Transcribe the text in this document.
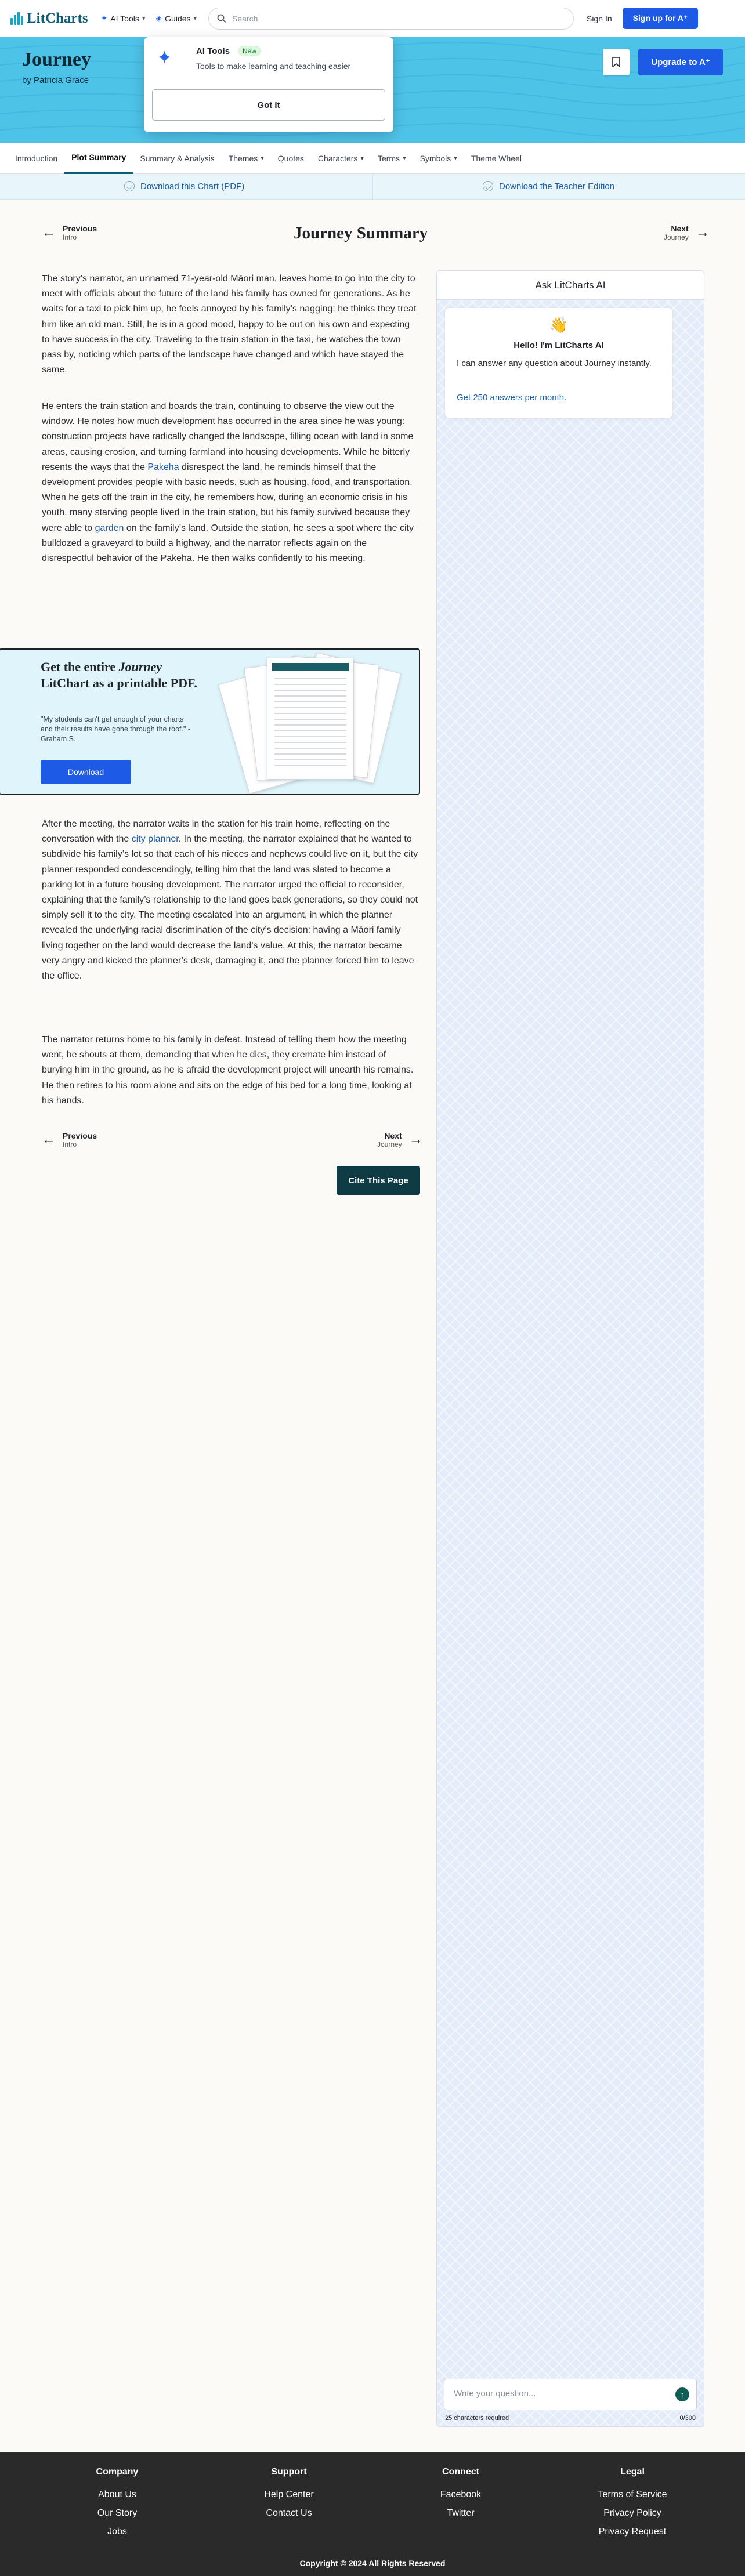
LitCharts ✦ AI Tools ▾ ◈ Guides ▾	Search	Sign In	Sign up for A⁺
Journey
by Patricia Grace
Upgrade to A⁺
✦	AI Tools	New
Tools to make learning and teaching easier
Got It
Introduction Plot Summary Summary & Analysis Themes ▾ Quotes Characters ▾ Terms ▾ Symbols ▾ Theme Wheel
Download this Chart (PDF)	Download the Teacher Edition
← Previous
Intro	Journey Summary	Next
Journey →

The story’s narrator, an unnamed 71-year-old Māori man, leaves home to go into the city to meet with officials about the future of the land his family has owned for generations. As he waits for a taxi to pick him up, he feels annoyed by his family’s nagging: he thinks they treat him like an old man. Still, he is in a good mood, happy to be out on his own and expecting to have success in the city. Traveling to the train station in the taxi, he watches the town pass by, noticing which parts of the landscape have changed and which have stayed the same.

He enters the train station and boards the train, continuing to observe the view out the window. He notes how much development has occurred in the area since he was young: construction projects have radically changed the landscape, filling ocean with land in some areas, causing erosion, and turning farmland into housing developments. While he bitterly resents the ways that the Pakeha disrespect the land, he reminds himself that the development provides people with basic needs, such as housing, food, and transportation. When he gets off the train in the city, he remembers how, during an economic crisis in his youth, many starving people lived in the train station, but his family survived because they were able to garden on the family’s land. Outside the station, he sees a spot where the city bulldozed a graveyard to build a highway, and the narrator reflects again on the disrespectful behavior of the Pakeha. He then walks confidently to his meeting.

Get the entire Journey LitChart as a printable PDF.
"My students can't get enough of your charts and their results have gone through the roof." -Graham S.
Download

After the meeting, the narrator waits in the station for his train home, reflecting on the conversation with the city planner. In the meeting, the narrator explained that he wanted to subdivide his family’s lot so that each of his nieces and nephews could live on it, but the city planner responded condescendingly, telling him that the land was slated to become a parking lot in a future housing development. The narrator urged the official to reconsider, explaining that the family’s relationship to the land goes back generations, so they could not simply sell it to the city. The meeting escalated into an argument, in which the planner revealed the underlying racial discrimination of the city’s decision: having a Māori family living together on the land would decrease the land’s value. At this, the narrator became very angry and kicked the planner’s desk, damaging it, and the planner forced him to leave the office.

The narrator returns home to his family in defeat. Instead of telling them how the meeting went, he shouts at them, demanding that when he dies, they cremate him instead of burying him in the ground, as he is afraid the development project will unearth his remains. He then retires to his room alone and sits on the edge of his bed for a long time, looking at his hands.

← Previous
Intro
Next
Journey →
Cite This Page
Ask LitCharts AI
👋
Hello! I'm LitCharts AI
I can answer any question about Journey instantly.
Get 250 answers per month.
Write your question...
↑
25 characters required	0/300
Copyright © 2024 All Rights Reserved
Company
About Us
Our Story
Jobs
Support
Help Center
Contact Us
Connect
Facebook
Twitter
Legal
Terms of Service
Privacy Policy
Privacy Request
